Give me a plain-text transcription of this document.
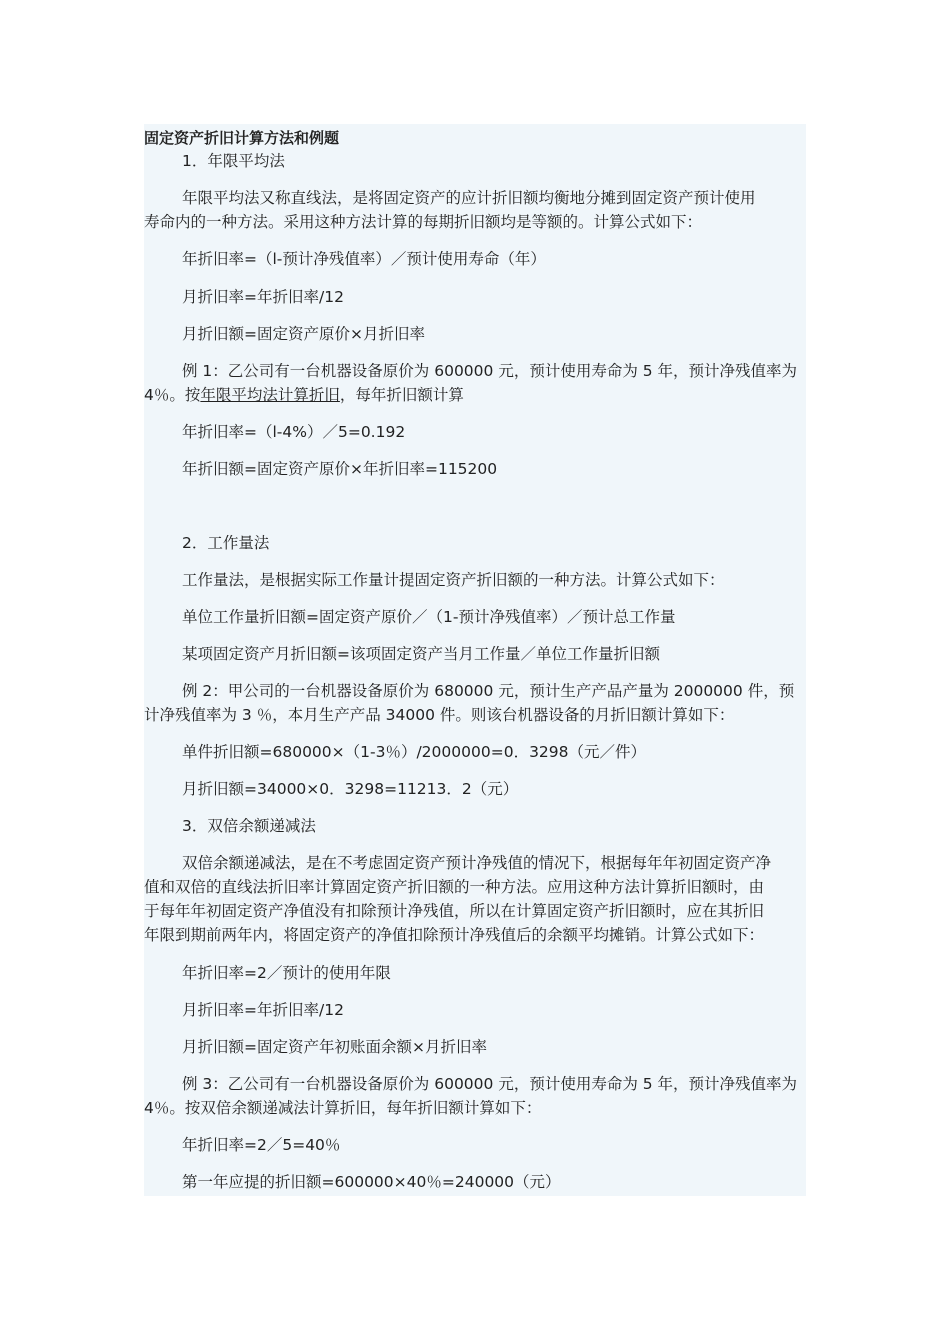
固定资产折旧计算方法和例题
1．年限平均法
年限平均法又称直线法，是将固定资产的应计折旧额均衡地分摊到固定资产预计使用
寿命内的一种方法。采用这种方法计算的每期折旧额均是等额的。计算公式如下：
年折旧率=（l-预计净残值率）／预计使用寿命（年）
月折旧率=年折旧率/12
月折旧额=固定资产原价×月折旧率
例 1：乙公司有一台机器设备原价为 600000 元，预计使用寿命为 5 年，预计净残值率为
4％。按年限平均法计算折旧，每年折旧额计算
年折旧率=（l-4%）／5=0.192
年折旧额=固定资产原价×年折旧率=115200
2．工作量法
工作量法，是根据实际工作量计提固定资产折旧额的一种方法。计算公式如下：
单位工作量折旧额=固定资产原价／（1-预计净残值率）／预计总工作量
某项固定资产月折旧额=该项固定资产当月工作量／单位工作量折旧额
例 2：甲公司的一台机器设备原价为 680000 元，预计生产产品产量为 2000000 件，预
计净残值率为 3 ％，本月生产产品 34000 件。则该台机器设备的月折旧额计算如下：
单件折旧额=680000×（1-3％）/2000000=0．3298（元／件）
月折旧额=34000×0．3298=11213．2（元）
3．双倍余额递减法
双倍余额递减法，是在不考虑固定资产预计净残值的情况下，根据每年年初固定资产净
值和双倍的直线法折旧率计算固定资产折旧额的一种方法。应用这种方法计算折旧额时，由
于每年年初固定资产净值没有扣除预计净残值，所以在计算固定资产折旧额时，应在其折旧
年限到期前两年内，将固定资产的净值扣除预计净残值后的余额平均摊销。计算公式如下：
年折旧率=2／预计的使用年限
月折旧率=年折旧率/12
月折旧额=固定资产年初账面余额×月折旧率
例 3：乙公司有一台机器设备原价为 600000 元，预计使用寿命为 5 年，预计净残值率为
4％。按双倍余额递减法计算折旧，每年折旧额计算如下：
年折旧率=2／5=40％
第一年应提的折旧额=600000×40％=240000（元）
